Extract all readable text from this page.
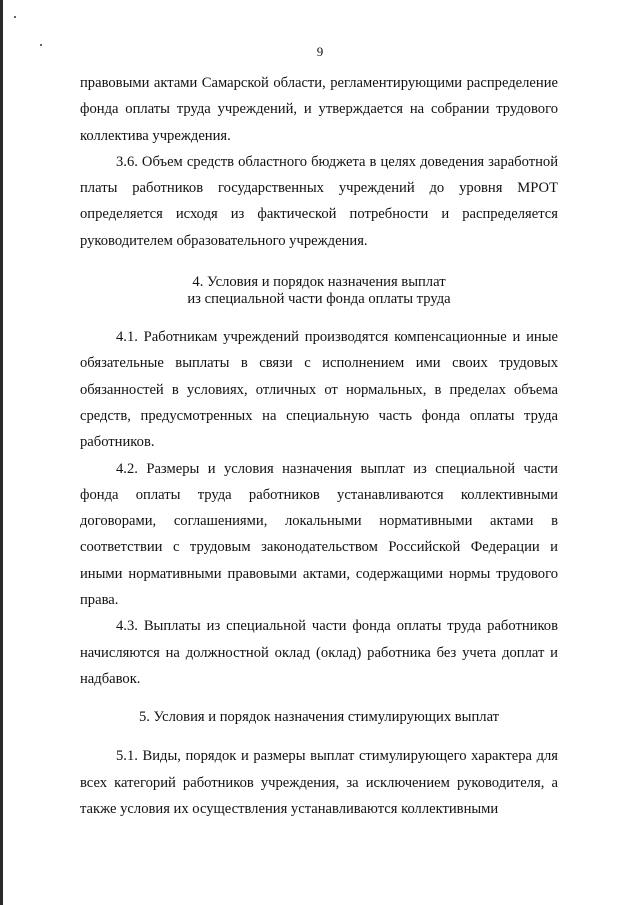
9

правовыми актами Самарской области, регламентирующими распределение фонда оплаты труда учреждений, и утверждается на собрании трудового коллектива учреждения.

3.6. Объем средств областного бюджета в целях доведения заработной платы работников государственных учреждений до уровня МРОТ определяется исходя из фактической потребности и распределяется руководителем образовательного учреждения.

4. Условия и порядок назначения выплат
из специальной части фонда оплаты труда

4.1. Работникам учреждений производятся компенсационные и иные обязательные выплаты в связи с исполнением ими своих трудовых обязанностей в условиях, отличных от нормальных, в пределах объема средств, предусмотренных на специальную часть фонда оплаты труда работников.

4.2. Размеры и условия назначения выплат из специальной части фонда оплаты труда работников устанавливаются коллективными договорами, соглашениями, локальными нормативными актами в соответствии с трудовым законодательством Российской Федерации и иными нормативными правовыми актами, содержащими нормы трудового права.

4.3. Выплаты из специальной части фонда оплаты труда работников начисляются на должностной оклад (оклад) работника без учета доплат и надбавок.

5. Условия и порядок назначения стимулирующих выплат

5.1. Виды, порядок и размеры выплат стимулирующего характера для всех категорий работников учреждения, за исключением руководителя, а также условия их осуществления устанавливаются коллективными
